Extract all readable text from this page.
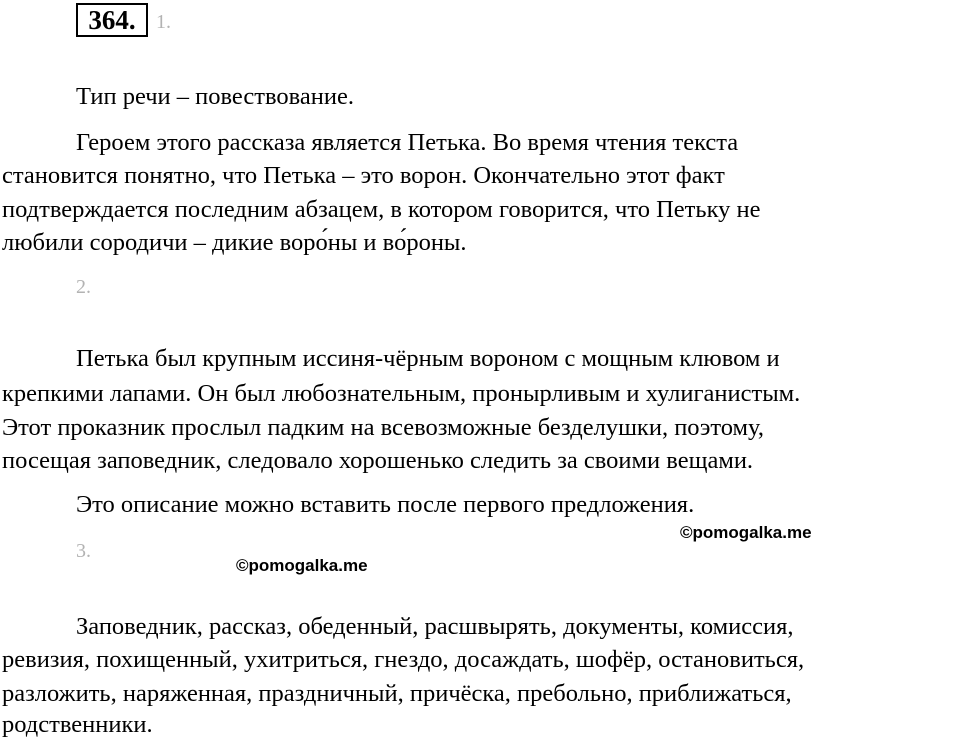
364.	1.
Тип речи – повествование.
Героем этого рассказа является Петька. Во время чтения текста
становится понятно, что Петька – это ворон. Окончательно этот факт
подтверждается последним абзацем, в котором говорится, что Петьку не
любили сородичи – дикие воро́ны и во́роны.
2.
Петька был крупным иссиня-чёрным вороном с мощным клювом и
крепкими лапами. Он был любознательным, пронырливым и хулиганистым.
Этот проказник прослыл падким на всевозможные безделушки, поэтому,
посещая заповедник, следовало хорошенько следить за своими вещами.
Это описание можно вставить после первого предложения.
©pomogalka.me
3.
©pomogalka.me
Заповедник, рассказ, обеденный, расшвырять, документы, комиссия,
ревизия, похищенный, ухитриться, гнездо, досаждать, шофёр, остановиться,
разложить, наряженная, праздничный, причёска, пребольно, приближаться,
родственники.
